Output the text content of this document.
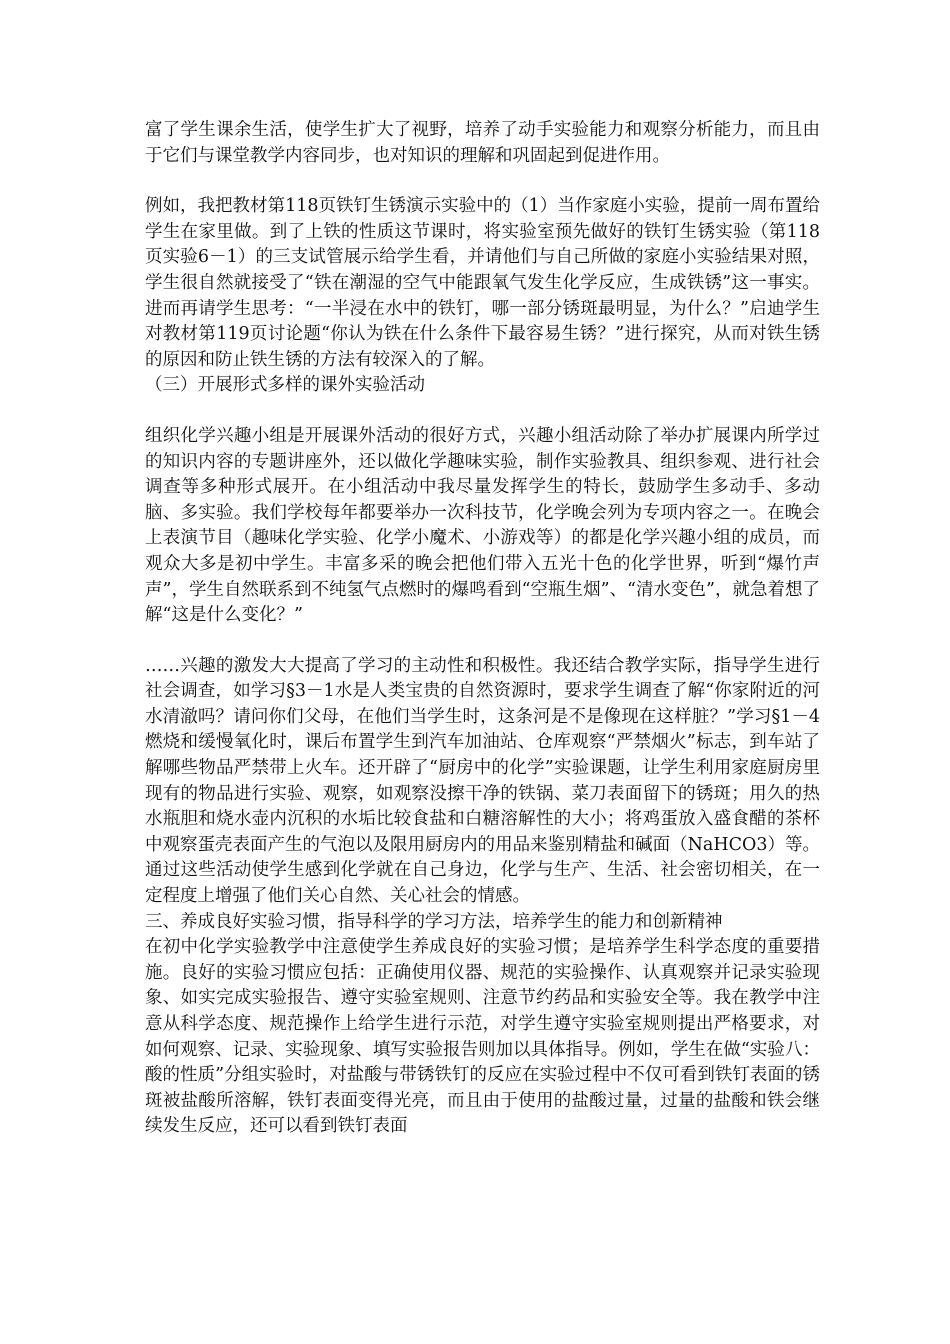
富了学生课余生活，使学生扩大了视野，培养了动手实验能力和观察分析能力，而且由于它们与课堂教学内容同步，也对知识的理解和巩固起到促进作用。

例如，我把教材第118页铁钉生锈演示实验中的（1）当作家庭小实验，提前一周布置给学生在家里做。到了上铁的性质这节课时，将实验室预先做好的铁钉生锈实验（第118页实验6－1）的三支试管展示给学生看，并请他们与自己所做的家庭小实验结果对照，学生很自然就接受了“铁在潮湿的空气中能跟氧气发生化学反应，生成铁锈”这一事实。进而再请学生思考：“一半浸在水中的铁钉，哪一部分锈斑最明显，为什么？”启迪学生对教材第119页讨论题“你认为铁在什么条件下最容易生锈？”进行探究，从而对铁生锈的原因和防止铁生锈的方法有较深入的了解。

（三）开展形式多样的课外实验活动

组织化学兴趣小组是开展课外活动的很好方式，兴趣小组活动除了举办扩展课内所学过的知识内容的专题讲座外，还以做化学趣味实验，制作实验教具、组织参观、进行社会调查等多种形式展开。在小组活动中我尽量发挥学生的特长，鼓励学生多动手、多动脑、多实验。我们学校每年都要举办一次科技节，化学晚会列为专项内容之一。在晚会上表演节目（趣味化学实验、化学小魔术、小游戏等）的都是化学兴趣小组的成员，而观众大多是初中学生。丰富多采的晚会把他们带入五光十色的化学世界，听到“爆竹声声”，学生自然联系到不纯氢气点燃时的爆鸣看到“空瓶生烟”、“清水变色”，就急着想了解“这是什么变化？”

……兴趣的激发大大提高了学习的主动性和积极性。我还结合教学实际，指导学生进行社会调查，如学习§3－1水是人类宝贵的自然资源时，要求学生调查了解“你家附近的河水清澈吗？请问你们父母，在他们当学生时，这条河是不是像现在这样脏？”学习§1－4燃烧和缓慢氧化时，课后布置学生到汽车加油站、仓库观察“严禁烟火”标志，到车站了解哪些物品严禁带上火车。还开辟了“厨房中的化学”实验课题，让学生利用家庭厨房里现有的物品进行实验、观察，如观察没擦干净的铁锅、菜刀表面留下的锈斑；用久的热水瓶胆和烧水壶内沉积的水垢比较食盐和白糖溶解性的大小；将鸡蛋放入盛食醋的茶杯中观察蛋壳表面产生的气泡以及限用厨房内的用品来鉴别精盐和碱面（NaHCO3）等。通过这些活动使学生感到化学就在自己身边，化学与生产、生活、社会密切相关，在一定程度上增强了他们关心自然、关心社会的情感。

三、养成良好实验习惯，指导科学的学习方法，培养学生的能力和创新精神

在初中化学实验教学中注意使学生养成良好的实验习惯；是培养学生科学态度的重要措施。良好的实验习惯应包括：正确使用仪器、规范的实验操作、认真观察并记录实验现象、如实完成实验报告、遵守实验室规则、注意节约药品和实验安全等。我在教学中注意从科学态度、规范操作上给学生进行示范，对学生遵守实验室规则提出严格要求，对如何观察、记录、实验现象、填写实验报告则加以具体指导。例如，学生在做“实验八：酸的性质”分组实验时，对盐酸与带锈铁钉的反应在实验过程中不仅可看到铁钉表面的锈斑被盐酸所溶解，铁钉表面变得光亮，而且由于使用的盐酸过量，过量的盐酸和铁会继续发生反应，还可以看到铁钉表面
